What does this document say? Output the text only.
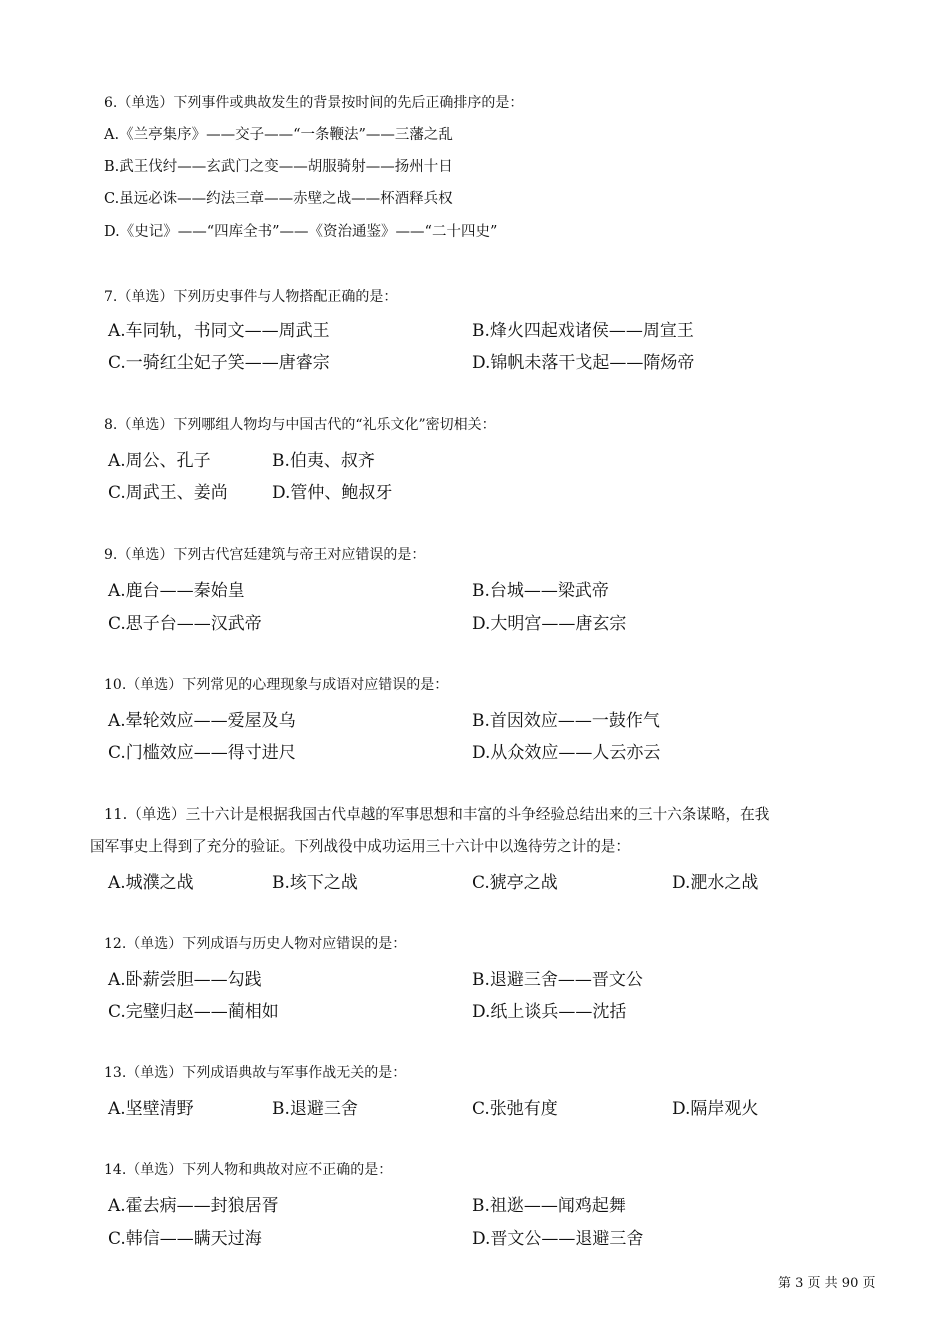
6.（单选）下列事件或典故发生的背景按时间的先后正确排序的是：
A.《兰亭集序》——交子——“一条鞭法”——三藩之乱
B.武王伐纣——玄武门之变——胡服骑射——扬州十日
C.虽远必诛——约法三章——赤壁之战——杯酒释兵权
D.《史记》——“四库全书”——《资治通鉴》——“二十四史”
7.（单选）下列历史事件与人物搭配正确的是：
A.车同轨，书同文——周武王	B.烽火四起戏诸侯——周宣王
C.一骑红尘妃子笑——唐睿宗	D.锦帆未落干戈起——隋炀帝
8.（单选）下列哪组人物均与中国古代的“礼乐文化”密切相关：
A.周公、孔子	B.伯夷、叔齐
C.周武王、姜尚	D.管仲、鲍叔牙
9.（单选）下列古代宫廷建筑与帝王对应错误的是：
A.鹿台——秦始皇	B.台城——梁武帝
C.思子台——汉武帝	D.大明宫——唐玄宗
10.（单选）下列常见的心理现象与成语对应错误的是：
A.晕轮效应——爱屋及乌	B.首因效应——一鼓作气
C.门槛效应——得寸进尺	D.从众效应——人云亦云
11.（单选）三十六计是根据我国古代卓越的军事思想和丰富的斗争经验总结出来的三十六条谋略，在我
国军事史上得到了充分的验证。下列战役中成功运用三十六计中以逸待劳之计的是：
A.城濮之战	B.垓下之战	C.猇亭之战	D.淝水之战
12.（单选）下列成语与历史人物对应错误的是：
A.卧薪尝胆——勾践	B.退避三舍——晋文公
C.完璧归赵——蔺相如	D.纸上谈兵——沈括
13.（单选）下列成语典故与军事作战无关的是：
A.坚壁清野	B.退避三舍	C.张弛有度	D.隔岸观火
14.（单选）下列人物和典故对应不正确的是：
A.霍去病——封狼居胥	B.祖逖——闻鸡起舞
C.韩信——瞒天过海	D.晋文公——退避三舍
第 3 页 共 90 页
